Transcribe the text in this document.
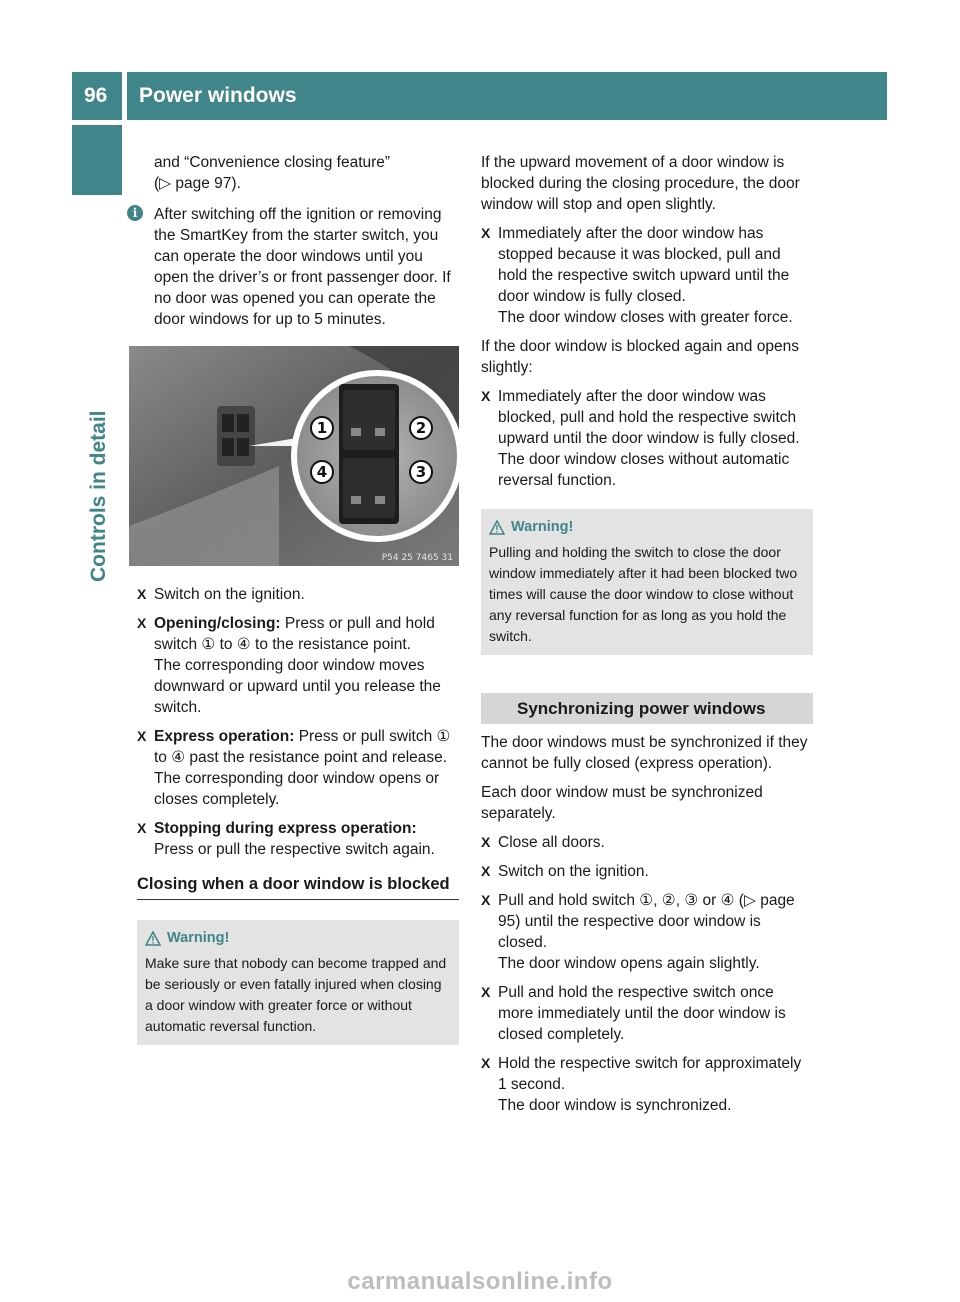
96	Power windows
Controls in detail

and “Convenience closing feature”

(▷ page 97).

i	After switching off the ignition or removing the SmartKey from the starter switch, you can operate the door windows until you open the driver’s or front passenger door. If no door was opened you can operate the door windows for up to 5 minutes.
1	2
3
4
P54 25 7465 31
X Switch on the ignition.
X Opening/closing: Press or pull and hold switch ① to ④ to the resistance point.
The corresponding door window moves downward or upward until you release the switch.
X Express operation: Press or pull switch ① to ④ past the resistance point and release.
The corresponding door window opens or closes completely.
X Stopping during express operation:
Press or pull the respective switch again.
Closing when a door window is blocked
Warning!
Make sure that nobody can become trapped and be seriously or even fatally injured when closing a door window with greater force or without automatic reversal function.

If the upward movement of a door window is blocked during the closing procedure, the door window will stop and open slightly.

X Immediately after the door window has stopped because it was blocked, pull and hold the respective switch upward until the door window is fully closed.
The door window closes with greater force.

If the door window is blocked again and opens slightly:

X Immediately after the door window was blocked, pull and hold the respective switch upward until the door window is fully closed.
The door window closes without automatic reversal function.
Warning!
Pulling and holding the switch to close the door window immediately after it had been blocked two times will cause the door window to close without any reversal function for as long as you hold the switch.
Synchronizing power windows

The door windows must be synchronized if they cannot be fully closed (express operation).

Each door window must be synchronized separately.

X Close all doors.
X Switch on the ignition.
X Pull and hold switch ①, ②, ③ or ④ (▷ page 95) until the respective door window is closed.
The door window opens again slightly.
X Pull and hold the respective switch once more immediately until the door window is closed completely.
X Hold the respective switch for approximately 1 second.
The door window is synchronized.
carmanualsonline.info
